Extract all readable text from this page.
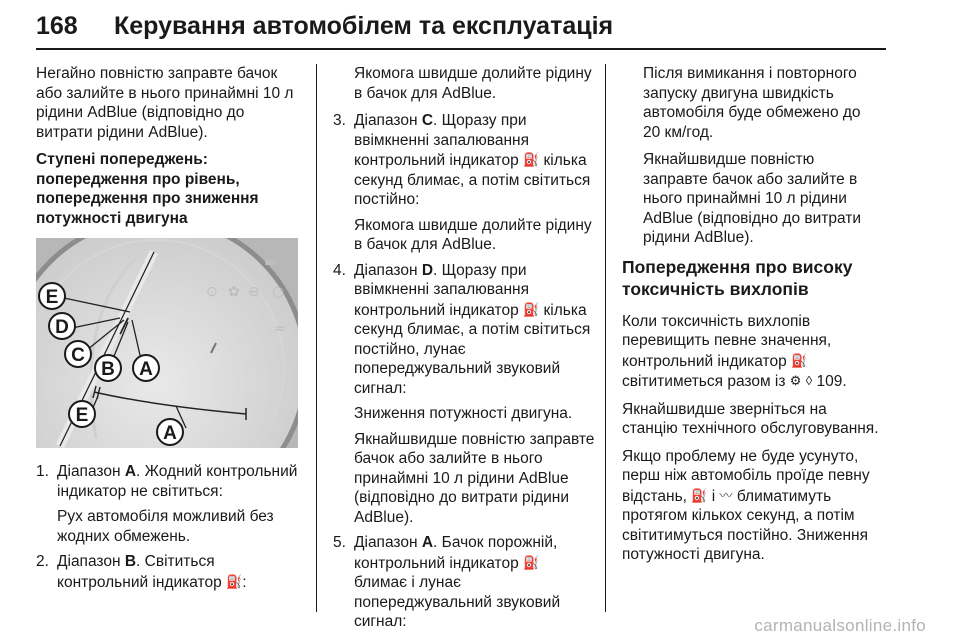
168 Керування автомобілем та експлуатація

Негайно повністю заправте бачок або залийте в нього принаймні 10 л рідини AdBlue (відповідно до витрати рідини AdBlue).

Ступені попереджень: попередження про рівень, попередження про зниження потужності двигуна

⊙ ✿ ⊖ ○
▬
≈
E
D
C
B A
E
A
1. Діапазон A. Жодний контрольний індикатор не світиться:

Рух автомобіля можливий без жодних обмежень.

2. Діапазон B. Світиться контрольний індикатор ⛽:

Якомога швидше долийте рідину в бачок для AdBlue.

3. Діапазон C. Щоразу при ввімкненні запалювання контрольний індикатор ⛽ кілька секунд блимає, а потім світиться постійно:

Якомога швидше долийте рідину в бачок для AdBlue.

4. Діапазон D. Щоразу при ввімкненні запалювання контрольний індикатор ⛽ кілька секунд блимає, а потім світиться постійно, лунає попереджувальний звуковий сигнал:

Зниження потужності двигуна.

Якнайшвидше повністю заправте бачок або залийте в нього принаймні 10 л рідини AdBlue (відповідно до витрати рідини AdBlue).

5. Діапазон A. Бачок порожній, контрольний індикатор ⛽ блимає і лунає попереджувальний звуковий сигнал:

Після вимикання і повторного запуску двигуна швидкість автомобіля буде обмежено до 20 км/год.

Якнайшвидше повністю заправте бачок або залийте в нього принаймні 10 л рідини AdBlue (відповідно до витрати рідини AdBlue).

Попередження про високу токсичність вихлопів

Коли токсичність вихлопів перевищить певне значення, контрольний індикатор ⛽ світитиметься разом із ⚙ ◊ 109.

Якнайшвидше зверніться на станцію технічного обслуговування.

Якщо проблему не буде усунуто, перш ніж автомобіль проїде певну відстань, ⛽ і 〰 блиматимуть протягом кількох секунд, а потім світитимуться постійно. Зниження потужності двигуна.

carmanualsonline.info
